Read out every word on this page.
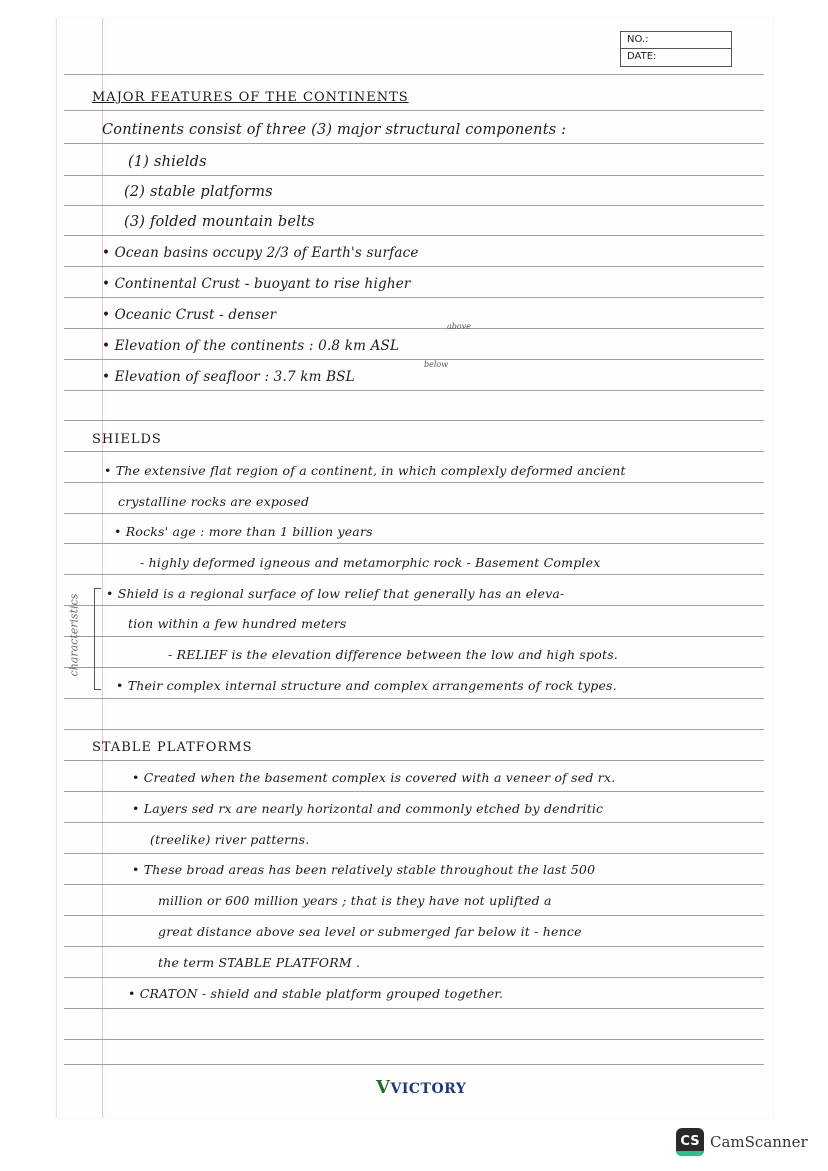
NO.:
DATE:
MAJOR FEATURES OF THE CONTINENTS
Continents consist of three (3) major structural components :
(1) shields
(2) stable platforms
(3) folded mountain belts
• Ocean basins occupy 2/3 of Earth's surface
• Continental Crust - buoyant to rise higher
• Oceanic Crust - denser
• Elevation of the continents : 0.8 km ASL
• Elevation of seafloor : 3.7 km BSL
above
below
SHIELDS
• The extensive flat region of a continent, in which complexly deformed ancient
crystalline rocks are exposed
• Rocks' age : more than 1 billion years
- highly deformed igneous and metamorphic rock - Basement Complex
• Shield is a regional surface of low relief that generally has an eleva-
tion within a few hundred meters
- RELIEF is the elevation difference between the low and high spots.
• Their complex internal structure and complex arrangements of rock types.
characteristics
STABLE PLATFORMS
• Created when the basement complex is covered with a veneer of sed rx.
• Layers sed rx are nearly horizontal and commonly etched by dendritic
(treelike) river patterns.
• These broad areas has been relatively stable throughout the last 500
million or 600 million years ; that is they have not uplifted a
great distance above sea level or submerged far below it - hence
the term STABLE PLATFORM .
• CRATON - shield and stable platform grouped together.
VVICTORY
CS CamScanner
